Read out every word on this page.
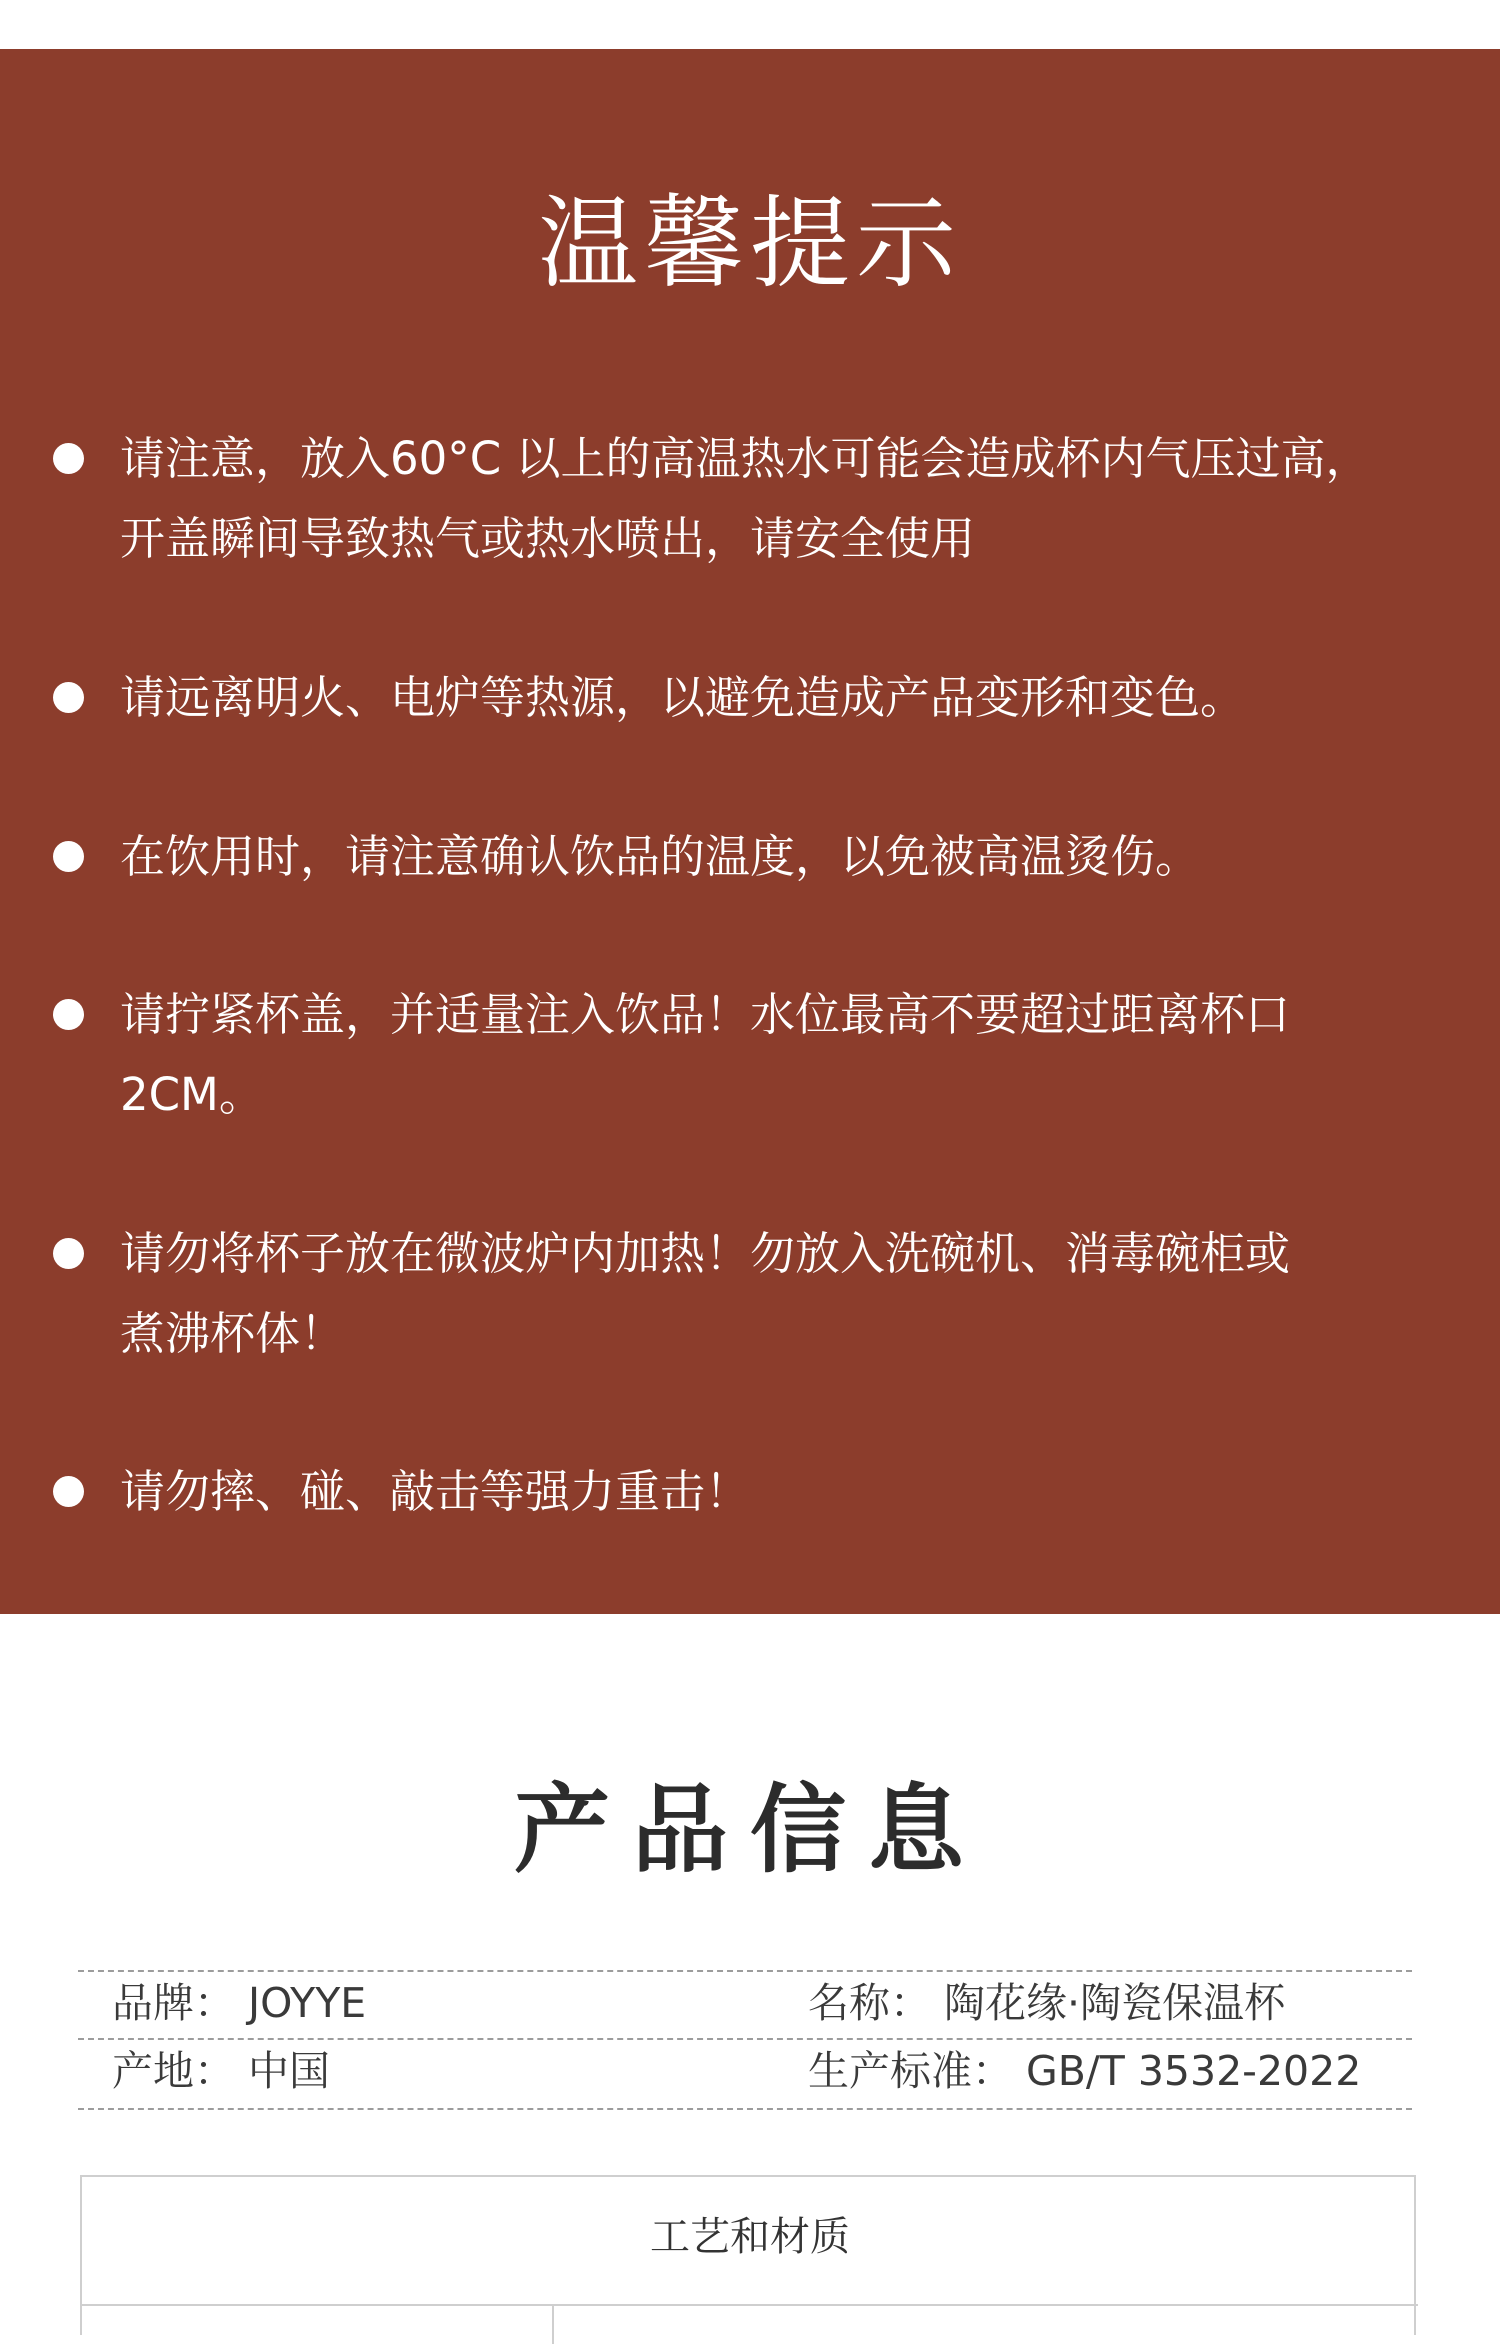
温馨提示
请注意，放入60°C 以上的高温热水可能会造成杯内气压过高，
开盖瞬间导致热气或热水喷出，请安全使用
请远离明火、电炉等热源，以避免造成产品变形和变色。
在饮用时，请注意确认饮品的温度，以免被高温烫伤。
请拧紧杯盖，并适量注入饮品！水位最高不要超过距离杯口
2CM。
请勿将杯子放在微波炉内加热！勿放入洗碗机、消毒碗柜或
煮沸杯体！
请勿摔、碰、敲击等强力重击！
产品信息
品牌： JOYYE	名称： 陶花缘·陶瓷保温杯
产地： 中国	生产标准： GB/T 3532-2022
工艺和材质
